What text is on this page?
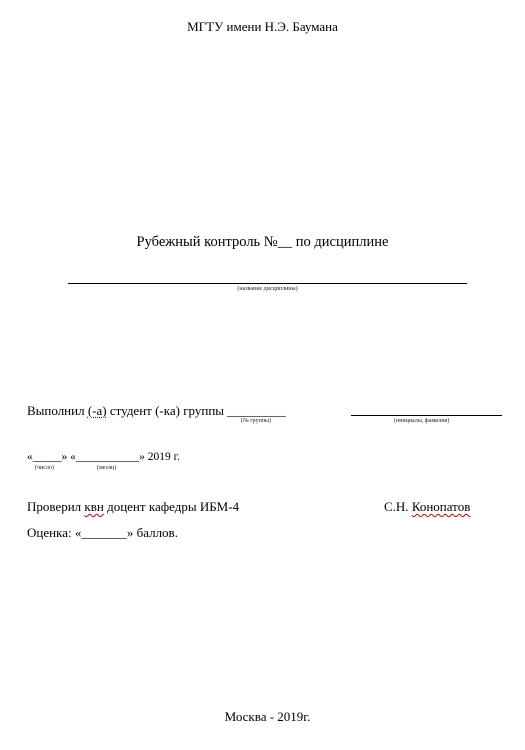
МГТУ имени Н.Э. Баумана
Рубежный контроль №__ по дисциплине
(название дисциплины)
Выполнил (-а) студент (-ка) группы _________
(№ группы)	(инициалы, фамилия)
«_____» «___________» 2019 г.
(число)	(месяц)
Проверил квн доцент кафедры ИБМ-4	С.Н. Конопатов
Оценка: «_______» баллов.
Москва - 2019г.
